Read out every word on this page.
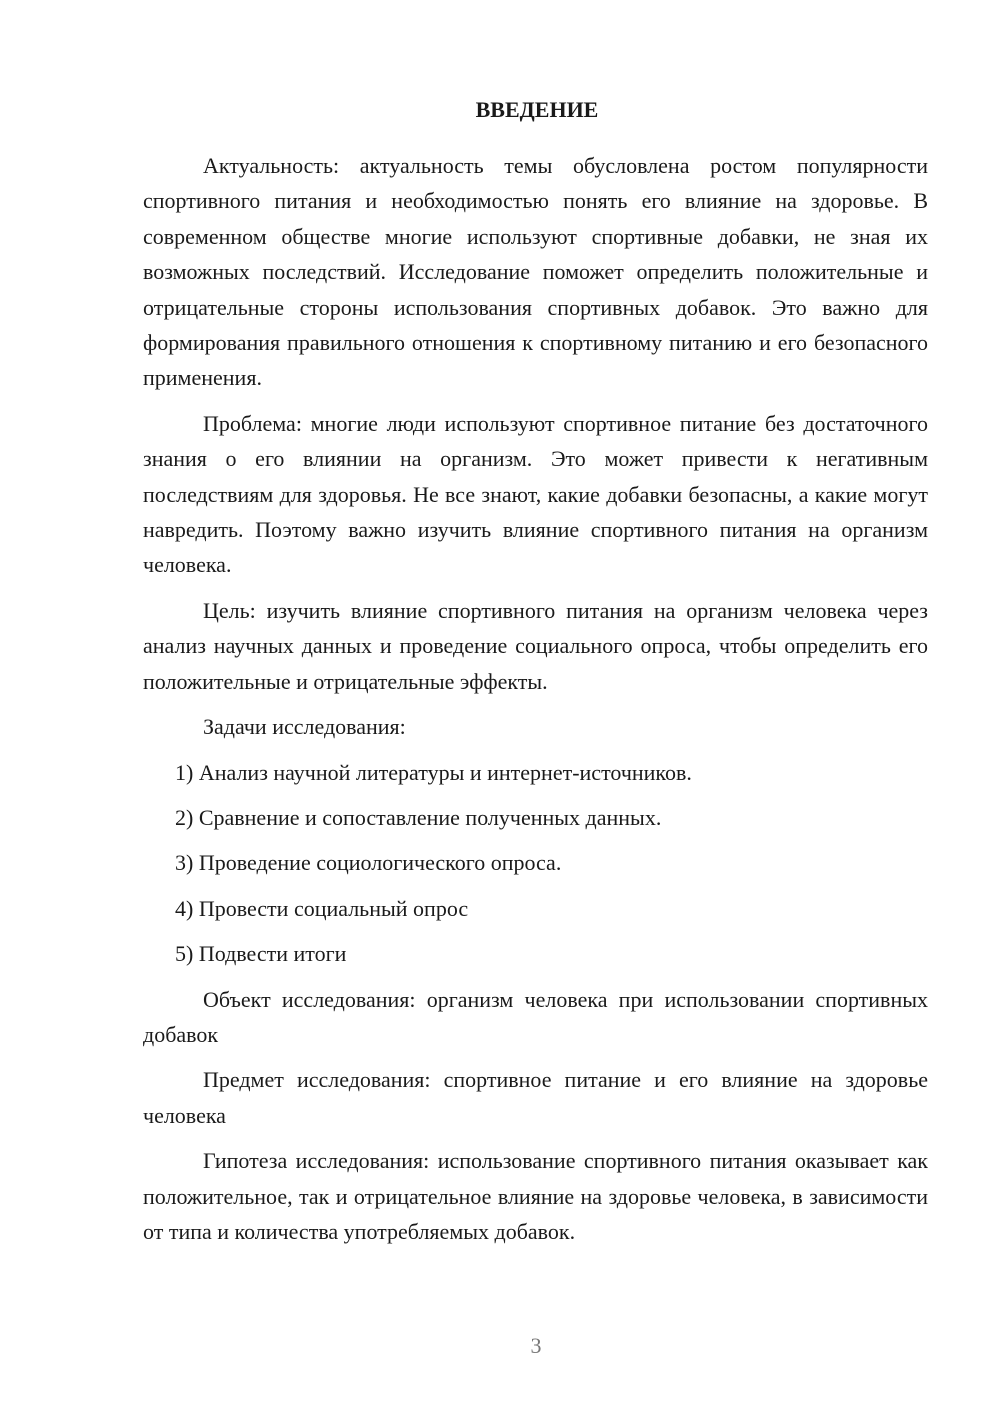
ВВЕДЕНИЕ

Актуальность: актуальность темы обусловлена ростом популярности спортивного питания и необходимостью понять его влияние на здоровье. В современном обществе многие используют спортивные добавки, не зная их возможных последствий. Исследование поможет определить положительные и отрицательные стороны использования спортивных добавок. Это важно для формирования правильного отношения к спортивному питанию и его безопасного применения.

Проблема: многие люди используют спортивное питание без достаточного знания о его влиянии на организм. Это может привести к негативным последствиям для здоровья. Не все знают, какие добавки безопасны, а какие могут навредить. Поэтому важно изучить влияние спортивного питания на организм человека.

Цель: изучить влияние спортивного питания на организм человека через анализ научных данных и проведение социального опроса, чтобы определить его положительные и отрицательные эффекты.

Задачи исследования:

1) Анализ научной литературы и интернет-источников.
2) Сравнение и сопоставление полученных данных.
3) Проведение социологического опроса.
4) Провести социальный опрос
5) Подвести итоги

Объект исследования: организм человека при использовании спортивных добавок

Предмет исследования: спортивное питание и его влияние на здоровье человека

Гипотеза исследования: использование спортивного питания оказывает как положительное, так и отрицательное влияние на здоровье человека, в зависимости от типа и количества употребляемых добавок.

3
